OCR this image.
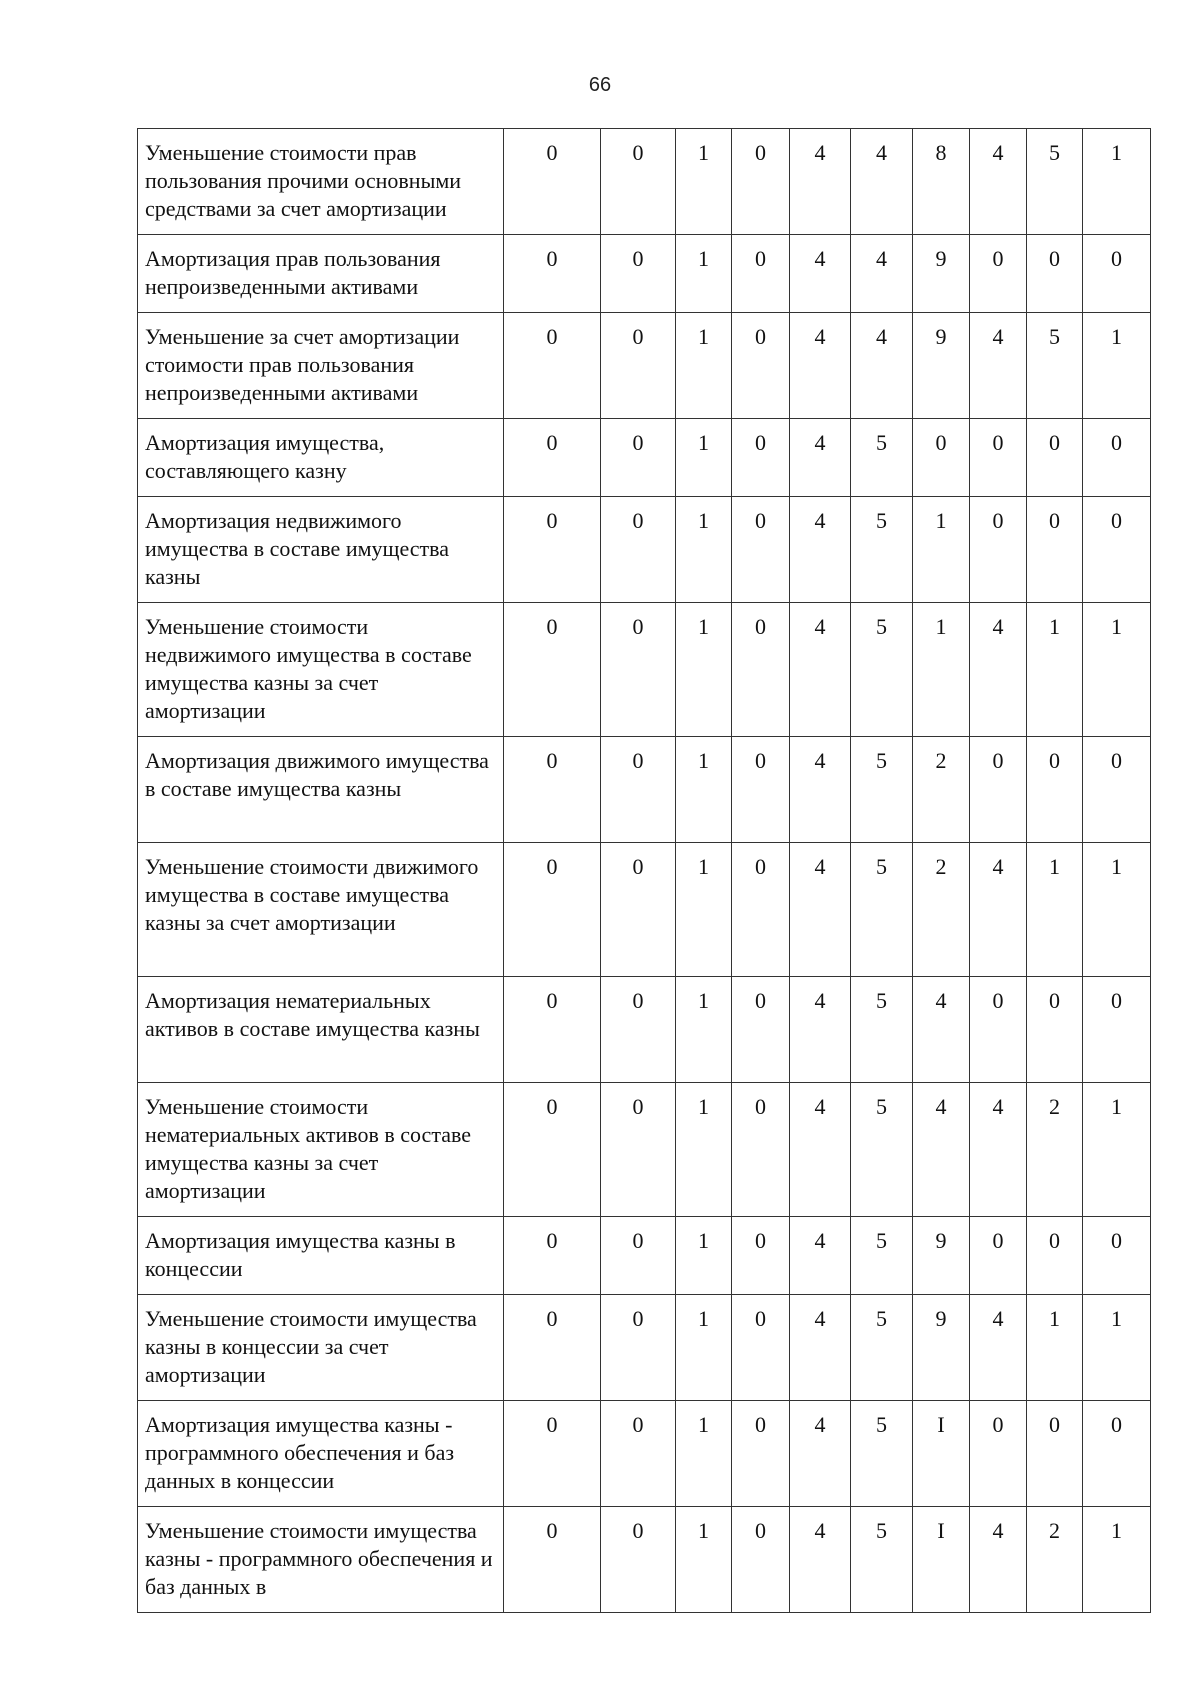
66
Уменьшение стоимости прав пользования прочими основными средствами за счет амортизации	0	0	1	0	4	4	8	4	5	1
Амортизация прав пользования непроизведенными активами	0	0	1	0	4	4	9	0	0	0
Уменьшение за счет амортизации стоимости прав пользования непроизведенными активами	0	0	1	0	4	4	9	4	5	1
Амортизация имущества, составляющего казну	0	0	1	0	4	5	0	0	0	0
Амортизация недвижимого имущества в составе имущества казны	0	0	1	0	4	5	1	0	0	0
Уменьшение стоимости недвижимого имущества в составе имущества казны за счет амортизации	0	0	1	0	4	5	1	4	1	1
Амортизация движимого имущества в составе имущества казны	0	0	1	0	4	5	2	0	0	0
Уменьшение стоимости движимого имущества в составе имущества казны за счет амортизации	0	0	1	0	4	5	2	4	1	1
Амортизация нематериальных активов в составе имущества казны	0	0	1	0	4	5	4	0	0	0
Уменьшение стоимости нематериальных активов в составе имущества казны за счет амортизации	0	0	1	0	4	5	4	4	2	1
Амортизация имущества казны в концессии	0	0	1	0	4	5	9	0	0	0
Уменьшение стоимости имущества казны в концессии за счет амортизации	0	0	1	0	4	5	9	4	1	1
Амортизация имущества казны - программного обеспечения и баз данных в концессии	0	0	1	0	4	5	I	0	0	0
Уменьшение стоимости имущества казны - программного обеспечения и баз данных в	0	0	1	0	4	5	I	4	2	1
